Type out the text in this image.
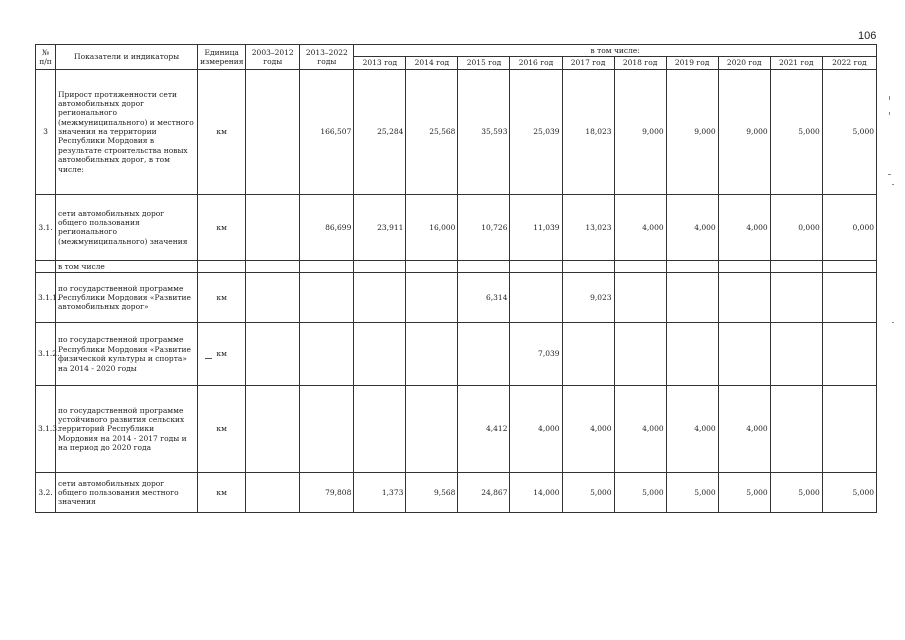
106
№ п/п	Показатели и индикаторы	Единица измерения	2003–2012 годы	2013–2022 годы	в том числе:									
					2013 год	2014 год	2015 год	2016 год	2017 год	2018 год	2019 год	2020 год	2021 год	2022 год
3	Прирост протяженности сети автомобильных дорог регионального (межмуниципального) и местного значения на территории Республики Мордовия в результате строительства новых автомобильных дорог, в том числе:	км		166,507	25,284	25,568	35,593	25,039	18,023	9,000	9,000	9,000	5,000	5,000
3.1.	сети автомобильных дорог общего пользования регионального (межмуниципального) значения	км		86,699	23,911	16,000	10,726	11,039	13,023	4,000	4,000	4,000	0,000	0,000
	в том числе													
3.1.1.	по государственной программе Республики Мордовия «Развитие автомобильных дорог»	км					6,314		9,023					
3.1.2.	по государственной программе Республики Мордовия «Развитие физической культуры и спорта» на 2014 - 2020 годы	км						7,039						
3.1.3.	по государственной программе устойчивого развития сельских территорий Республики Мордовия на 2014 - 2017 годы и на период до 2020 года	км					4,412	4,000	4,000	4,000	4,000	4,000		
3.2.	сети автомобильных дорог общего пользования местного значения	км		79,808	1,373	9,568	24,867	14,000	5,000	5,000	5,000	5,000	5,000	5,000
